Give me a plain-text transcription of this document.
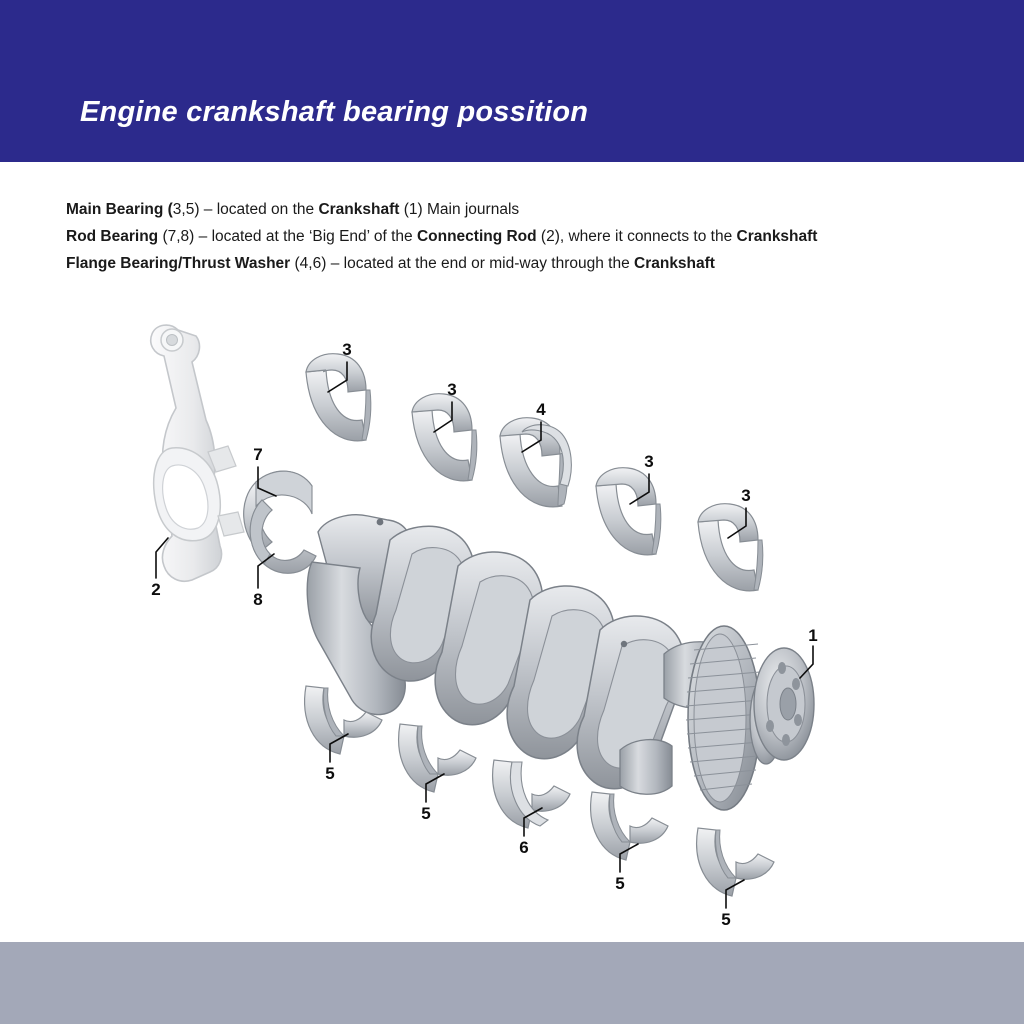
Engine crankshaft bearing possition
Main Bearing (3,5) – located on the Crankshaft (1) Main journals
Rod Bearing (7,8) – located at the ‘Big End’ of the Connecting Rod (2), where it connects to the Crankshaft
Flange Bearing/Thrust Washer (4,6) – located at the end or mid-way through the Crankshaft
3
3
4
3
3
7
8
2
1
5
5
6
5
5
